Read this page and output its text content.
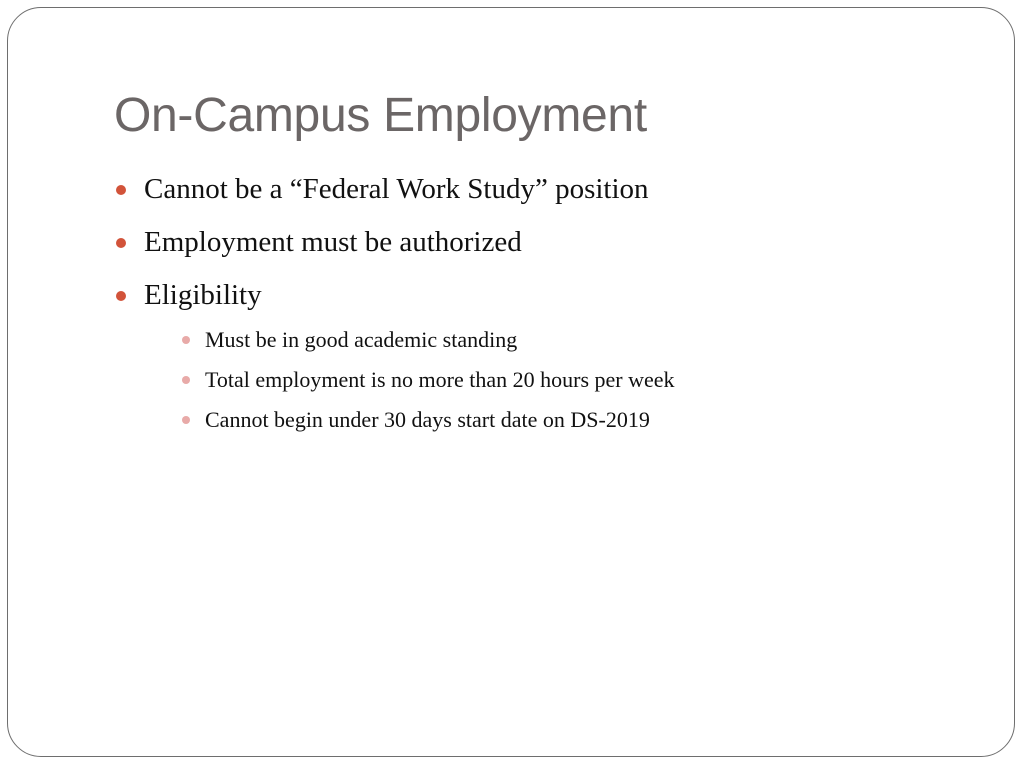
On-Campus Employment
Cannot be a “Federal Work Study” position
Employment must be authorized
Eligibility
Must be in good academic standing
Total employment is no more than 20 hours per week
Cannot begin under 30 days start date on DS-2019
